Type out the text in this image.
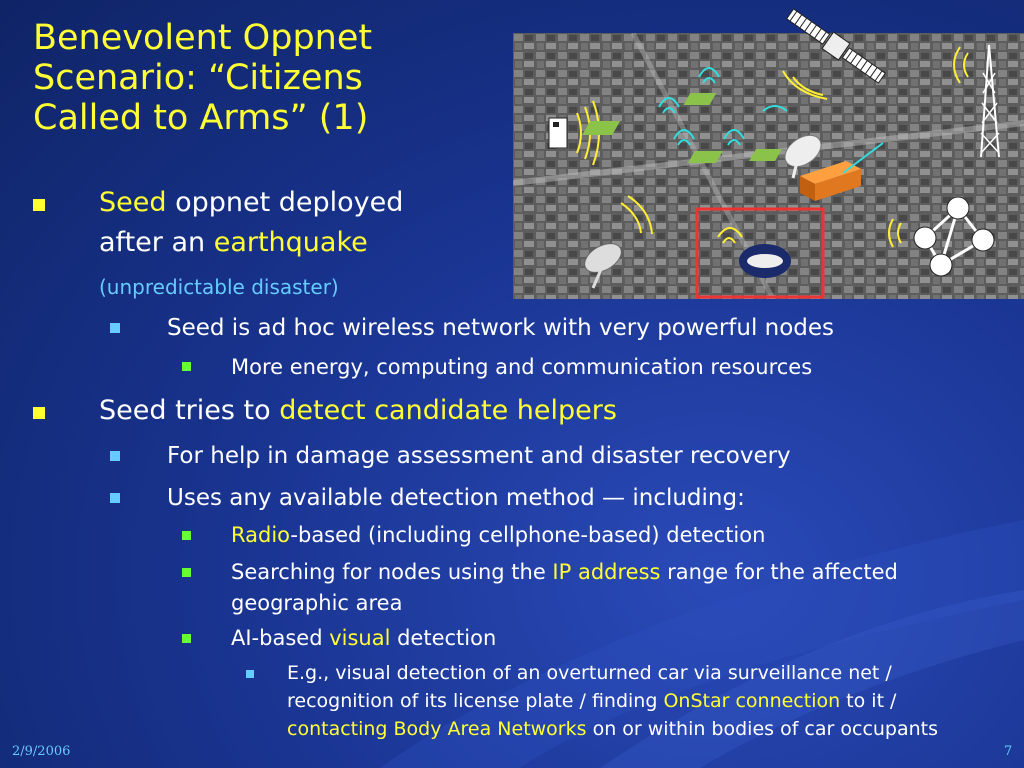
Benevolent Oppnet
Scenario: “Citizens
Called to Arms” (1)
Seed oppnet deployed
after an earthquake
(unpredictable disaster)
Seed is ad hoc wireless network with very powerful nodes
More energy, computing and communication resources
Seed tries to detect candidate helpers
For help in damage assessment and disaster recovery
Uses any available detection method — including:
Radio-based (including cellphone-based) detection
Searching for nodes using the IP address range for the affected
geographic area
AI-based visual detection
E.g., visual detection of an overturned car via surveillance net /
recognition of its license plate / finding OnStar connection to it /
contacting Body Area Networks on or within bodies of car occupants
2/9/2006	7
